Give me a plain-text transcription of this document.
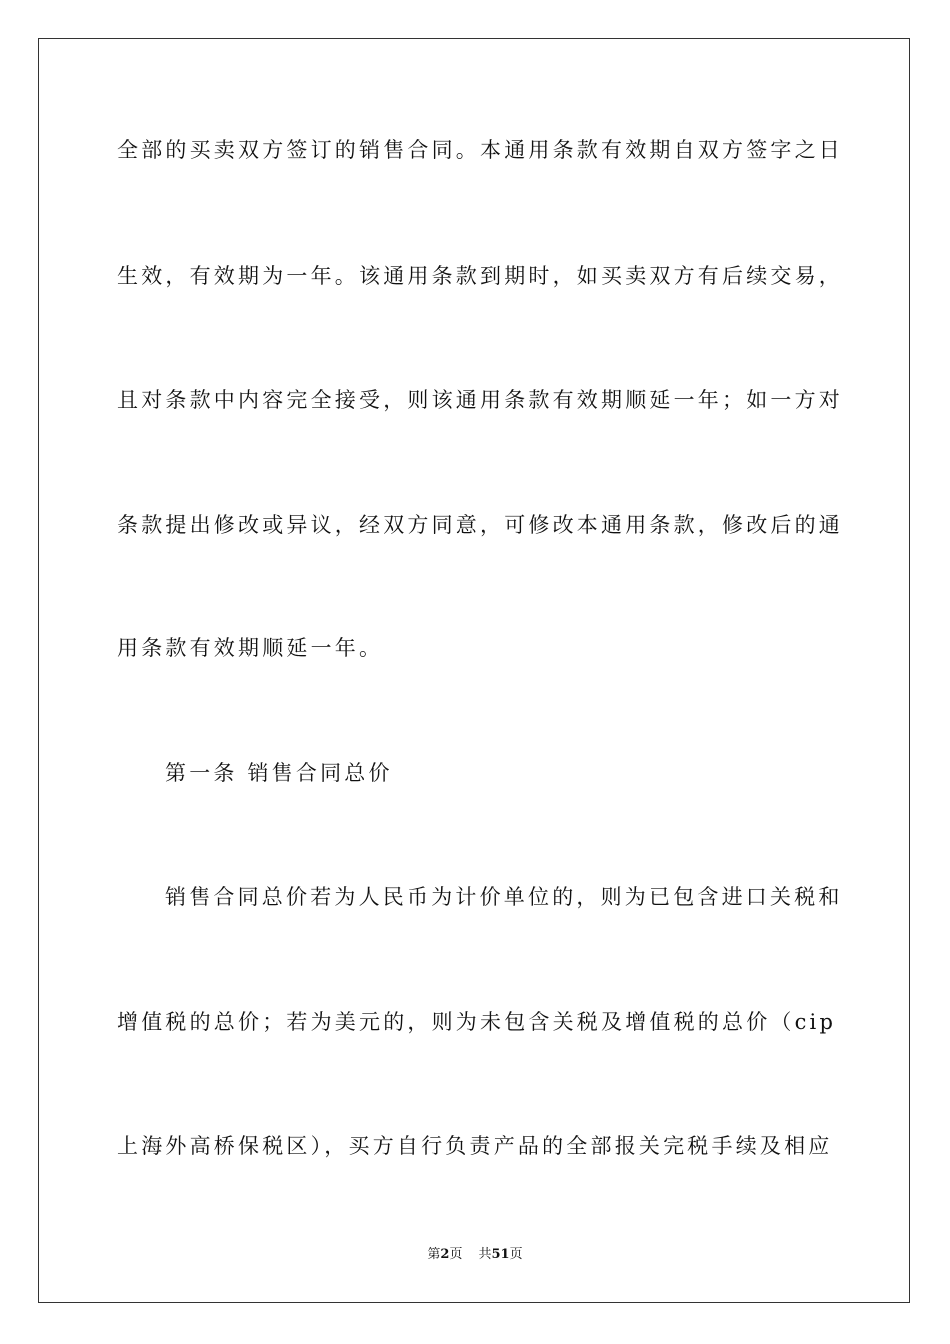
全部的买卖双方签订的销售合同。本通用条款有效期自双方签字之日
生效，有效期为一年。该通用条款到期时，如买卖双方有后续交易，
且对条款中内容完全接受，则该通用条款有效期顺延一年；如一方对
条款提出修改或异议，经双方同意，可修改本通用条款，修改后的通
用条款有效期顺延一年。
第一条 销售合同总价
销售合同总价若为人民币为计价单位的，则为已包含进口关税和
增值税的总价；若为美元的，则为未包含关税及增值税的总价（cip
上海外高桥保税区），买方自行负责产品的全部报关完税手续及相应
第2页 共51页
